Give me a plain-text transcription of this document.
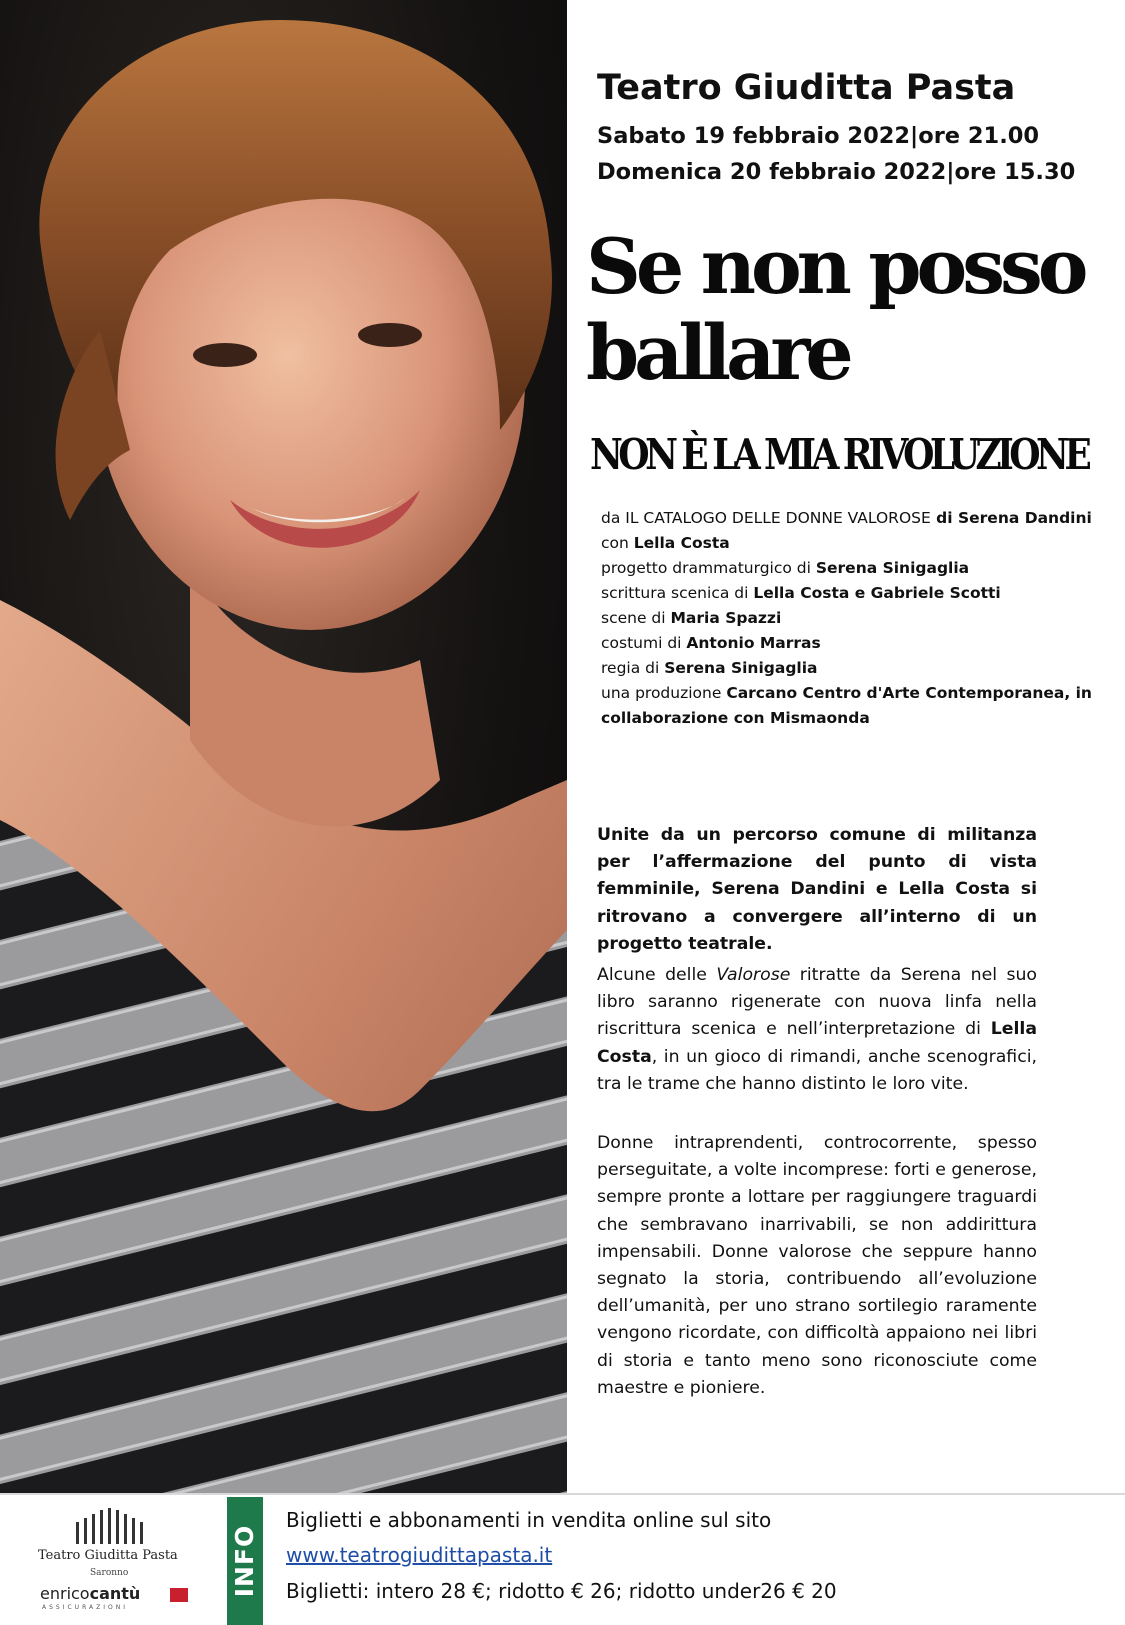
Teatro Giuditta Pasta
Sabato 19 febbraio 2022|ore 21.00
Domenica 20 febbraio 2022|ore 15.30
Se non posso
ballare
NON È LA MIA RIVOLUZIONE
da IL CATALOGO DELLE DONNE VALOROSE di Serena Dandini
con Lella Costa
progetto drammaturgico di Serena Sinigaglia
scrittura scenica di Lella Costa e Gabriele Scotti
scene di Maria Spazzi
costumi di Antonio Marras
regia di Serena Sinigaglia
una produzione Carcano Centro d'Arte Contemporanea, in collaborazione con Mismaonda

Unite da un percorso comune di militanza per l’affermazione del punto di vista femminile, Serena Dandini e Lella Costa si ritrovano a convergere all’interno di un progetto teatrale.

Alcune delle Valorose ritratte da Serena nel suo libro saranno rigenerate con nuova linfa nella riscrittura scenica e nell’interpretazione di Lella Costa, in un gioco di rimandi, anche scenografici, tra le trame che hanno distinto le loro vite.

Donne intraprendenti, controcorrente, spesso perseguitate, a volte incomprese: forti e generose, sempre pronte a lottare per raggiungere traguardi che sembravano inarrivabili, se non addirittura impensabili. Donne valorose che seppure hanno segnato la storia, contribuendo all’evoluzione dell’umanità, per uno strano sortilegio raramente vengono ricordate, con difficoltà appaiono nei libri di storia e tanto meno sono riconosciute come maestre e pioniere.

Teatro Giuditta Pasta
Saronno
enricocantù
ASSICURAZIONI
INFO
Biglietti e abbonamenti in vendita online sul sito
www.teatrogiudittapasta.it
Biglietti: intero 28 €; ridotto € 26; ridotto under26 € 20
